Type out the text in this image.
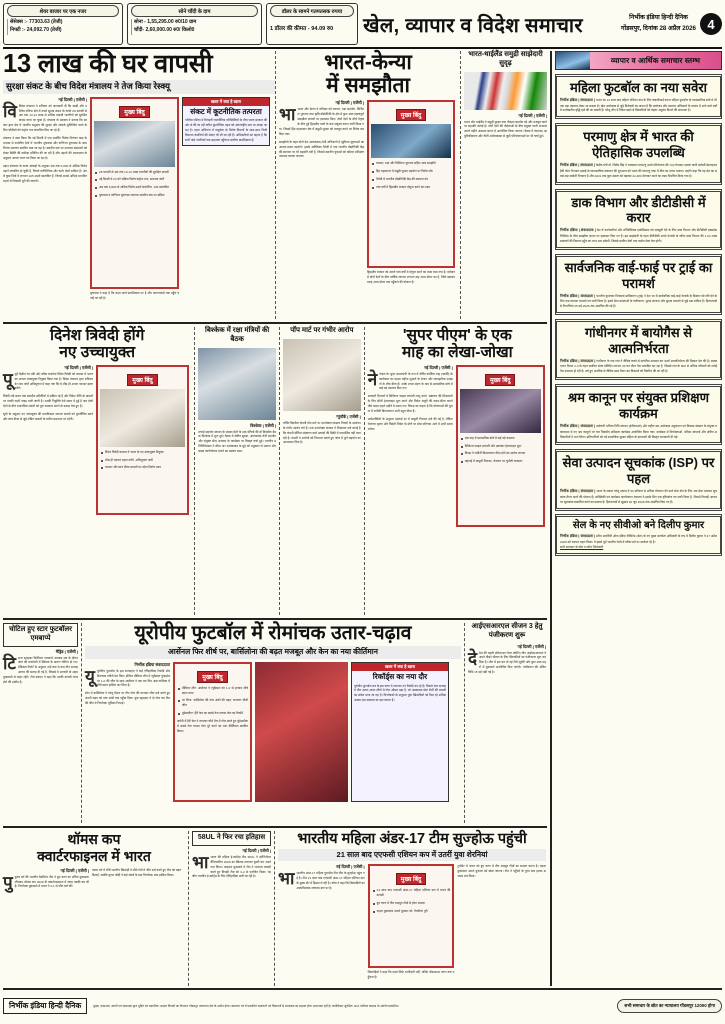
शेयर बाजार पर एक नजर
सेंसेक्स :- 77303.63 (तेजी)
निफ्टी :- 24,092.70 (तेजी)
सोने चाँदी के दाम
सोना - 1,55,295.00 रु0/10 ग्राम
चाँदी- 2,60,000.00 रु0/ किलो0
डॉलर के सामने गतमतसक रुपया
1 डॉलर की कीमत - 94.09 रु0	खेल, व्यापार व विदेश समाचार	निर्भीक इंडिया हिन्दी दैनिक
गोंडसपुर, दिनांक 28 अप्रैल 2026 4
13 लाख की घर वापसी
सुरक्षा संकट के बीच विदेश मंत्रालय ने तेज किया रेस्क्यू
नई दिल्ली | एजेंसी |
विविदेश मंत्रालय ने शनिवार को जानकारी दी कि खाड़ी और पश्चिम एशिया क्षेत्र में उपजे सुरक्षा संकट के चलते 28 फरवरी से अब तक 13.12 लाख से अधिक प्रवासी भारतीयों को सुरक्षित वापस लाया जा चुका है। मंत्रालय के प्रवक्ता ने बताया कि सरकार द्वारा क्षेत्र में भारतीय समुदाय की सुरक्षा और सम्पर्क सुनिश्चित करने के लिए चौबीसों घंटे कंट्रोल रूम संचालित किए जा रहे हैं।
मंत्रालय ने स्पष्ट किया कि नई दिल्ली में एक समर्पित विशेष नियंत्रण कक्ष के माध्यम से प्रभावित देशों में भारतीय दूतावास और वाणिज्य दूतावास के साथ निरंतर समन्वय स्थापित रखा जा रहा है। स्थानीय स्तर पर उपलब्ध संसाधनों को लेकर स्थिति की समीक्षा प्रतिदिन की जा रही है और उड़ानों की उपलब्धता के अनुसार अगला चरण तय किया जा रहा है।
उड़ान संचालन के ताजा आंकड़ों के अनुसार अब तक 5,800 से अधिक विशेष उड़ानें संचालित हो चुकी हैं, जिनमें वाणिज्यिक और चार्टर दोनों शामिल हैं। अगले कुछ दिनों में लगभग 105 उड़ानें प्रस्तावित हैं, जिनसे सबसे अधिक प्रभावित शहरों से निकासी पूरी की जाएगी।
मुख्य बिंदु
28 फरवरी से अब तक 13.12 लाख भारतीयों की सुरक्षित वापसी
नई दिल्ली में 24 घंटे सक्रिय विशेष कंट्रोल रूम, समन्वय जारी
अब तक 5,800 से अधिक विशेष उड़ानें संचालित, 105 प्रस्तावित
दूतावास व वाणिज्य दूतावास लगातार स्थानीय स्तर पर सक्रिय
दूतावास ने कहा है कि राहत कार्य प्राथमिकता पर है और जरूरतमंदों तक पहुँच बनाई जा रही है।
खबर में क्या है खास
संकट में कूटनीतिक तत्परता
पश्चिम एशिया में बिगड़ती राजनीतिक परिस्थितियों के बीच भारत सरकार की ओर से की जा रही त्वरित कूटनीतिक पहल को अंतरराष्ट्रीय स्तर पर सराहा जा रहा है। राहत अभियान में वायुसेना के विशेष विमानों के साथ-साथ निजी विमानन कंपनियों की सेवाएं भी ली जा रही हैं। अधिकारियों का कहना है कि सभी फंसे नागरिकों तक सहायता पहुँचाना सर्वोच्च प्राथमिकता है।
भारत-केन्या
में समझौता
नई दिल्ली | एजेंसी |
भाभारत और केन्या ने शनिवार को व्यापार, रक्षा सहयोग, डिजिटल भुगतान तथा कृषि प्रौद्योगिकी के क्षेत्र में कुल आठ महत्वपूर्ण समझौता ज्ञापनों पर हस्ताक्षर किए। दोनों देशों के शीर्ष नेतृत्व के बीच हुई द्विपक्षीय वार्ता के बाद संयुक्त बयान जारी किया गया, जिसमें हिंद महासागर क्षेत्र में समुद्री सुरक्षा को मजबूत करने पर विशेष बल दिया गया।
समझौतों के तहत दोनों देश आतंकवाद-रोधी अभियानों में खुफिया सूचनाओं का आदान-प्रदान बढ़ाएंगे। इसके अतिरिक्त नैरोबी में एक भारतीय प्रौद्योगिकी केंद्र की स्थापना पर भी सहमति बनी है, जिससे स्थानीय युवाओं को कौशल प्रशिक्षण उपलब्ध कराया जाएगा।
मुख्य बिंदु
व्यापार, रक्षा और डिजिटल भुगतान सहित आठ समझौते
हिंद महासागर में समुद्री सुरक्षा सहयोग पर विशेष जोर
नैरोबी में भारतीय प्रौद्योगिकी केंद्र की स्थापना तय
पांच वर्षों में द्विपक्षीय व्यापार दोगुना करने का लक्ष्य
द्विपक्षीय व्यापार को अगले पांच वर्षों में दोगुना करने का लक्ष्य रखा गया है। वर्तमान में दोनों देशों के बीच वार्षिक व्यापार लगभग छह अरब डॉलर का है, जिसे बढ़ाकर बारह अरब डॉलर तक पहुँचाने की योजना है।
भारत-थाईलैंड समुद्री साझेदारी सुदृढ़
नई दिल्ली | एजेंसी |
भारत और थाईलैंड ने समुद्री सुरक्षा तथा नौवहन सहयोग को और मजबूत करने पर सहमति जताई है। दोनों देशों की नौसेनाओं के बीच संयुक्त गश्ती अभ्यास अगले महीने अंडमान सागर में आयोजित किया जाएगा। बैठक में बंदरगाह आधुनिकीकरण और नीली अर्थव्यवस्था से जुड़ी परियोजनाओं पर भी चर्चा हुई।
दिनेश त्रिवेदी होंगे
नए उच्चायुक्त
नई दिल्ली | एजेंसी |
पूपूर्व केंद्रीय रेल मंत्री और वरिष्ठ राजनेता दिनेश त्रिवेदी को कनाडा में भारत का अगला उच्चायुक्त नियुक्त किया गया है। विदेश मंत्रालय द्वारा शनिवार देर शाम जारी अधिसूचना में कहा गया कि वे शीघ्र ही अपना पदभार ग्रहण करेंगे।
त्रिवेदी लंबे समय तक संसदीय समितियों में सक्रिय रहे हैं और विदेश नीति के मामलों पर उनकी गहरी पकड़ मानी जाती है। उनकी नियुक्ति ऐसे समय में हुई है जब दोनों देशों के बीच राजनयिक संबंधों को पुनः सामान्य बनाने के प्रयास तेज हुए हैं।
सूत्रों के अनुसार नए उच्चायुक्त की प्राथमिकता व्यापार संबंधों को पुनर्जीवित करने और छात्र वीजा से जुड़े लंबित मामलों के त्वरित समाधान पर रहेगी।
मुख्य बिंदु
दिनेश त्रिवेदी कनाडा में भारत के नए उच्चायुक्त नियुक्त
शीघ्र ही पदभार ग्रहण करेंगे, अधिसूचना जारी
व्यापार और छात्र वीजा मामलों पर रहेगा विशेष ध्यान
बिश्केक में रक्षा मंत्रियों की बैठक
बिश्केक | एजेंसी |
शंघाई सहयोग संगठन के सदस्य देशों के रक्षा मंत्रियों की दो दिवसीय बैठक बिश्केक में शुरू हुई। बैठक में क्षेत्रीय सुरक्षा, आतंकवाद-रोधी सहयोग और संयुक्त सैन्य अभ्यास के कार्यक्रम पर विस्तृत चर्चा हुई। भारतीय प्रतिनिधिमंडल ने सीमा पार आतंकवाद के मुद्दे को प्रमुखता से उठाया और साझा कार्ययोजना बनाने का प्रस्ताव रखा।
पॉप मार्ट पर गंभीर आरोप
न्यूयॉर्क | एजेंसी |
चर्चित खिलौना कंपनी पॉप मार्ट पर उपभोक्ता संरक्षण नियमों के उल्लंघन के गंभीर आरोप लगे हैं। एक उपभोक्ता संगठन ने शिकायत दर्ज कराई है कि कंपनी सीमित संस्करण वाले उत्पादों की बिक्री में पारदर्शिता नहीं बरत रही है। कंपनी ने आरोपों को निराधार बताते हुए जांच में पूर्ण सहयोग का आश्वासन दिया है।
'सुपर पीएम' के एक
माह का लेखा-जोखा
नई दिल्ली | एजेंसी |
नेनेपाल के 'सुपर प्रधानमंत्री' के रूप में चर्चित कार्तिक शाह (कार्की) के कार्यकाल का पहला महीना सुधारों के ऐलान और व्यावहारिक उलझनों के बीच बीता है। उनके शपथ ग्रहण के बाद से प्रशासनिक ढांचे में कई बड़े बदलाव किए गए।
सरकारी विभागों में डिजिटल फाइल प्रणाली लागू करने, भ्रष्टाचार की शिकायतों के लिए सीधी हेल्पलाइन शुरू करने और निवेश मंजूरी की समय-सीमा घटाने जैसे कदम पहले महीने में उठाए गए। विपक्ष का कहना है कि घोषणाओं की तुलना में जमीनी क्रियान्वयन अभी बहुत धीमा है।
अर्थशास्त्रियों के अनुसार महंगाई दर में मामूली गिरावट दर्ज की गई है, लेकिन रोजगार सृजन और विदेशी निवेश के मोर्चे पर ठोस परिणाम आने में अभी समय लगेगा।
मुख्य बिंदु
एक माह में प्रशासनिक ढांचे में कई बड़े बदलाव
डिजिटल फाइल प्रणाली और भ्रष्टाचार हेल्पलाइन शुरू
विपक्ष ने जमीनी क्रियान्वयन धीमा होने का आरोप लगाया
महंगाई में मामूली गिरावट, रोजगार पर चुनौती बरकरार
चोटिल हुए स्टार फुटबॉलर एमबाप्पे
मैड्रिड | एजेंसी |
टिस्टार स्ट्राइकर किलियन एमबाप्पे अभ्यास सत्र के दौरान जांघ की मांसपेशी में खिंचाव के कारण चोटिल हो गए। मेडिकल रिपोर्ट के अनुसार उन्हें कम से कम तीन सप्ताह आराम की सलाह दी गई है, जिससे वे आगामी दो अहम मुकाबलों से बाहर रहेंगे। टीम प्रबंधन ने कहा कि उनकी वापसी जल्द होने की उम्मीद है।
यूरोपीय फुटबॉल में रोमांचक उतार-चढ़ाव
आर्सेनल फिर शीर्ष पर, बार्सिलोना की बढ़त मजबूत और केन का नया कीर्तिमान
निर्भीक इंडिया संवाददाता
यूयूरोपीय फुटबॉल के इस सप्ताहांत ने कई ऐतिहासिक रिकॉर्ड और दिलचस्प नतीजे पेश किए। इंग्लिश प्रीमियर लीग में न्यूकैसल यूनाइटेड पर 1-0 की जीत के साथ आर्सेनल ने एक बार फिर अंक तालिका में शीर्ष स्थान हासिल कर लिया है।
स्पेन में बार्सिलोना ने घरेलू मैदान पर तीन गोल की शानदार जीत दर्ज करते हुए अपनी बढ़त को पांच अंकों तक पहुँचा दिया। युवा स्ट्राइकर ने दो गोल कर टीम की जीत में निर्णायक भूमिका निभाई।
मुख्य बिंदु
प्रीमियर लीग: आर्सेनल ने न्यूकैसल को 1-0 से हराकर शीर्ष स्थान पाया
ला लिगा: बार्सिलोना की पांच अंकों की बढ़त, लगातार चौथी जीत
बुंडेसलीगा: हैरी केन का सबसे तेज पचास गोल का रिकॉर्ड
जर्मनी में हैरी केन ने लगातार चौथे मैच में गोल करते हुए बुंडेसलीगा में सबसे तेज पचास गोल पूरे करने का नया कीर्तिमान स्थापित किया।
खबर में क्या है खास
रिकॉर्ड्स का नया दौर
यूरोपीय फुटबॉल सत्र के इस चरण में लगातार नए रिकॉर्ड बन रहे हैं। पिछले पांच सप्ताह में तीन अलग-अलग लीगों में गोल औसत बढ़ा है, जो आक्रामक खेल शैली की वापसी का संकेत माना जा रहा है। विश्लेषकों के अनुसार युवा खिलाड़ियों को मिल रहे अधिक अवसर इस बदलाव का बड़ा कारण हैं।
आईएसआरएल सीजन 3 हेतु पंजीकरण शुरू
नई दिल्ली | एजेंसी |
देदेश की पहली प्रोफेशनल रोलर स्केटिंग लीग आईएसआरएल ने अपने तीसरे सीजन के लिए खिलाड़ियों का पंजीकरण शुरू कर दिया है। लीग में इस बार दो नई टीमें जुड़ेंगी और कुल आठ शहरों में मुकाबले आयोजित किए जाएंगे। पंजीकरण की अंतिम तिथि 15 मई रखी गई है।
थॉमस कप
क्वार्टरफाइनल में भारत
नई दिल्ली | एजेंसी |
पुपुरुष वर्ग की भारतीय बैडमिंटन टीम ने ग्रुप चरण का अंतिम मुकाबला जीतकर थॉमस कप 2026 के क्वार्टरफाइनल में जगह पक्की कर ली है। निर्णायक मुकाबले में भारत ने 3-1 से जीत दर्ज की।
एकल वर्ग में शीर्ष भारतीय खिलाड़ी ने सीधे गेमों में जीत दर्ज करते हुए टीम को बढ़त दिलाई, जबकि युगल जोड़ी ने कड़े संघर्ष के बाद निर्णायक अंक हासिल किया।
58UL ने फिर रचा इतिहास
नई दिल्ली | एजेंसी |
भाभारत की महिला ई-स्पोर्ट्स टीम 58UL ने कॉन्टिनेंटल चैंपियनशिप 2026 का खिताब लगातार दूसरी बार अपने नाम किया। फाइनल मुकाबले में टीम ने शानदार वापसी करते हुए विपक्षी टीम को 3-2 से पराजित किया। यह जीत भारतीय ई-स्पोर्ट्स के लिए ऐतिहासिक मानी जा रही है।
भारतीय महिला अंडर-17 टीम सुज्होऊ पहुंची
21 साल बाद एएफसी एशियन कप में उतरीं युवा शेरनियां
नई दिल्ली | एजेंसी |
भाभारतीय अंडर-17 महिला फुटबॉल टीम चीन के सुज्होऊ पहुंच गई है। टीम 21 साल बाद एएफसी अंडर-17 महिला एशियन कप के मुख्य दौर में हिस्सा ले रही है। कोच ने कहा कि खिलाड़ियों का आत्मविश्वास उच्चतम स्तर पर है।
मुख्य बिंदु
21 साल बाद एएफसी अंडर-17 महिला एशियन कप में भारत की वापसी
ग्रुप चरण में तीन मजबूत टीमों से होगा सामना
पहला मुकाबला अगले बुधवार को, तैयारियां पूरी
खिलाड़ियों ने कहा कि लक्ष्य सिर्फ भागीदारी नहीं, बल्कि नॉकआउट चरण तक पहुँचना है।
टूर्नामेंट में भारत को ग्रुप चरण में तीन मजबूत टीमों का सामना करना है। पहला मुकाबला अगले बुधवार को खेला जाएगा। टीम ने पहुँचने के तुरंत बाद हल्का अभ्यास सत्र किया।
व्यापार व आर्थिक समाचार स्तम्भ
महिला फुटबॉल का नया सवेरा
निर्भीक इंडिया | संवाददाता | भारत का 21 साल बाद महिला एशियन कप के लिए क्वालीफाई करना महिला फुटबॉल के व्यावसायिक ढांचे में भी एक बड़ा बदलाव लेकर आ सकता है। खेल अर्थशास्त्र से जुड़े विशेषज्ञों का मानना है कि प्रायोजन और प्रसारण अधिकारों के बाजार में आने वाले वर्षों में उल्लेखनीय वृद्धि दर्ज की जा सकती है। घरेलू लीग में निवेश बढ़ने से खिलाड़ियों को बेहतर अनुबंध मिलने की संभावना है।
परमाणु क्षेत्र में भारत की ऐतिहासिक उपलब्धि
निर्भीक इंडिया | संवाददाता | केंद्रीय मंत्री डॉ. जितेंद्र सिंह ने राजस्थान परमाणु ऊर्जा परियोजना की 700 मेगावाट क्षमता वाली स्वदेशी प्रेशराइज्ड हैवी वॉटर रिएक्टर इकाई के व्यावसायिक संचालन की शुरुआत को भारत की परमाणु यात्रा में मील का पत्थर बताया। उन्होंने कहा कि यह देश का सबसे बड़ा स्वदेशी रिएक्टर है और 2031 तक कुल क्षमता को बढ़ाकर 22,480 मेगावाट करने का लक्ष्य निर्धारित किया गया है।
डाक विभाग और डीटीडीसी में करार
निर्भीक इंडिया | संवाददाता | देश में कारोबारियों और लॉजिस्टिक्स इकोसिस्टम को मजबूती देने के लिए डाक विभाग और डीटीडीसी एक्सप्रेस लिमिटेड के बीच समझौता ज्ञापन पर हस्ताक्षर किए गए हैं। इस साझेदारी के तहत डीटीडीसी अपने नेटवर्क के जरिए डाक विभाग की 1.64 लाख डाकघरों की विशाल पहुँच का लाभ उठा सकेगी, जिससे ग्रामीण क्षेत्रों तक पार्सल सेवा तेज होगी।
सार्वजनिक वाई-फाई पर ट्राई का परामर्श
निर्भीक इंडिया | संवाददाता | भारतीय दूरसंचार नियामक प्राधिकरण (ट्राई) ने देश भर में सार्वजनिक वाई-फाई नेटवर्क के विस्तार को गति देने के लिए एक व्यापक परामर्श पत्र जारी किया है। इसमें सेवा प्रदाताओं के पंजीकरण, शुल्क संरचना और सुरक्षा मानकों से जुड़े प्रश्न शामिल हैं। हितधारकों से टिप्पणियां 25 मई 2026 तक आमंत्रित की गई हैं।
गांधीनगर में बायोगैस से आत्मनिर्भरता
निर्भीक इंडिया | संवाददाता | गांधीनगर के एक गांव ने जैविक कचरे से बायोगैस उत्पादन कर ऊर्जा आत्मनिर्भरता की मिसाल पेश की है। स्वच्छ भारत मिशन 2.0 के तहत स्थापित संयंत्र प्रतिदिन लगभग 30 घन मीटर गैस उत्पादित कर रहा है, जिससे गांव के 600 से अधिक परिवारों को रसोई गैस उपलब्ध हो रही है। बचे हुए अपशिष्ट से जैविक खाद तैयार कर किसानों को वितरित की जा रही है।
श्रम कानून पर संयुक्त प्रशिक्षण कार्यक्रम
निर्भीक इंडिया | संवाददाता | कर्मचारी भविष्य निधि संगठन (ईपीएफओ) और राष्ट्रीय श्रम अर्थशास्त्र अनुसंधान एवं विकास संस्थान के संयुक्त तत्वावधान में नए श्रम कानूनों पर चार दिवसीय प्रशिक्षण कार्यक्रम आयोजित किया गया। कार्यक्रम में नियोक्ताओं, श्रमिक संगठनों और क्षेत्रीय अधिकारियों ने भाग लिया। प्रतिभागियों को नई सामाजिक सुरक्षा संहिता के प्रावधानों की विस्तृत जानकारी दी गई।
सेवा उत्पादन सूचकांक (ISP) पर पहल
निर्भीक इंडिया | संवाददाता | भारत के सकल घरेलू उत्पाद में 50 प्रतिशत से अधिक योगदान देने वाले सेवा क्षेत्र के लिए अब सेवा उत्पादन सूचकांक तैयार करने की योजना है। सांख्यिकी एवं कार्यक्रम कार्यान्वयन मंत्रालय ने इसके लिए एक दृष्टिकोण पत्र जारी किया है, जिसमें तिमाही आधार पर सूचकांक प्रकाशित करने का प्रस्ताव है। हितधारकों से सुझाव 30 जून 2026 तक आमंत्रित किए गए हैं।
सेल के नए सीवीओ बने दिलीप कुमार
निर्भीक इंडिया | संवाददाता | स्टील अथॉरिटी ऑफ इंडिया लिमिटेड (सेल) के नए मुख्य सतर्कता अधिकारी के रूप में दिलीप कुमार ने 27 अप्रैल 2026 को पदभार ग्रहण किया। वे इससे पूर्व भारतीय रेलवे में वरिष्ठ पदों पर कार्यरत रहे हैं।
सभी समाचार के स्रोत व ब्यौरा जिम्मेदारी
निर्भीक इंडिया हिन्दी दैनिक	मुद्रक, प्रकाशक, स्वामी एवं सम्पादक द्वारा मुद्रित एवं प्रकाशित। समस्त विवादों का निपटारा गोंडसपुर न्यायालय क्षेत्र के अधीन होगा। समाचार पत्र में प्रकाशित समाचारों एवं विज्ञापनों से सम्पादक का सहमत होना आवश्यक नहीं है। सर्वाधिकार सुरक्षित। RNI पंजीयन क्रमांक के अंतर्गत प्रकाशित।	सभी समाचार के स्रोत का न्यायालय गोंडसपुर 12000 होगा
